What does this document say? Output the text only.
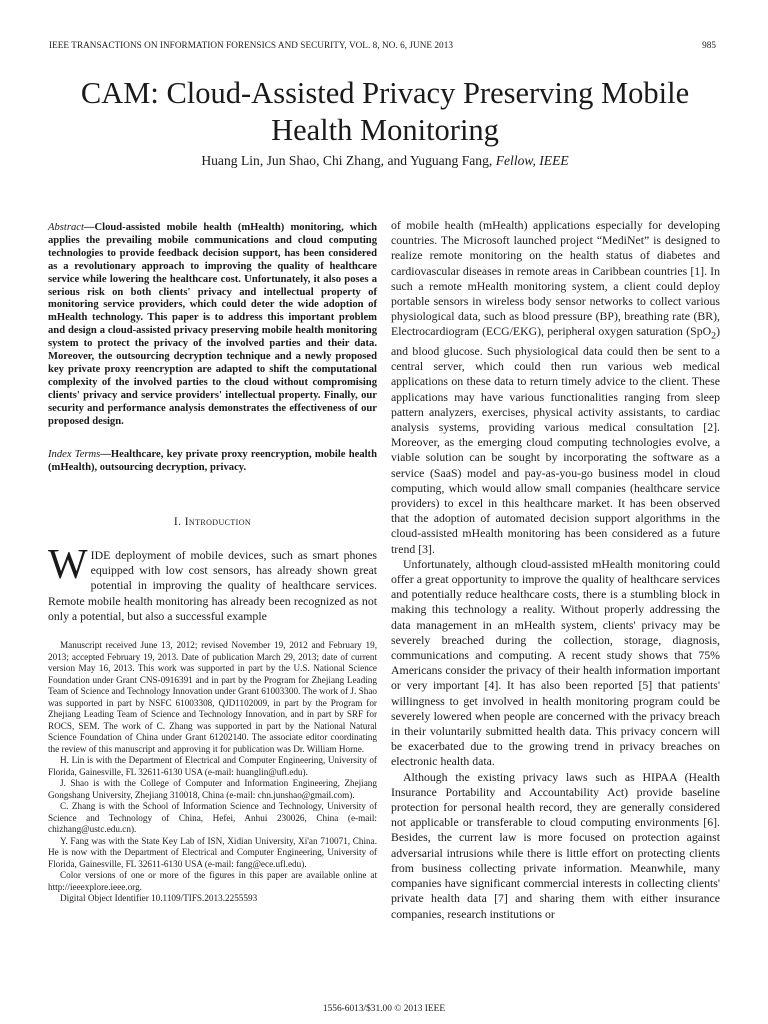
IEEE TRANSACTIONS ON INFORMATION FORENSICS AND SECURITY, VOL. 8, NO. 6, JUNE 2013	985
CAM: Cloud-Assisted Privacy Preserving Mobile
Health Monitoring
Huang Lin, Jun Shao, Chi Zhang, and Yuguang Fang, Fellow, IEEE
Abstract—Cloud-assisted mobile health (mHealth) monitoring, which applies the prevailing mobile communications and cloud computing technologies to provide feedback decision support, has been considered as a revolutionary approach to improving the quality of healthcare service while lowering the healthcare cost. Unfortunately, it also poses a serious risk on both clients' privacy and intellectual property of monitoring service providers, which could deter the wide adoption of mHealth technology. This paper is to address this important problem and design a cloud-assisted privacy preserving mobile health monitoring system to protect the privacy of the involved parties and their data. Moreover, the outsourcing decryption technique and a newly proposed key private proxy reencryption are adapted to shift the computational complexity of the involved parties to the cloud without compromising clients' privacy and service providers' intellectual property. Finally, our security and performance analysis demonstrates the effectiveness of our proposed design.
Index Terms—Healthcare, key private proxy reencryption, mobile health (mHealth), outsourcing decryption, privacy.
I. Introduction
WIDE deployment of mobile devices, such as smart phones equipped with low cost sensors, has already shown great potential in improving the quality of healthcare services. Remote mobile health monitoring has already been recognized as not only a potential, but also a successful example

Manuscript received June 13, 2012; revised November 19, 2012 and February 19, 2013; accepted February 19, 2013. Date of publication March 29, 2013; date of current version May 16, 2013. This work was supported in part by the U.S. National Science Foundation under Grant CNS-0916391 and in part by the Program for Zhejiang Leading Team of Science and Technology Innovation under Grant 61003300. The work of J. Shao was supported in part by NSFC 61003308, QJD1102009, in part by the Program for Zhejiang Leading Team of Science and Technology Innovation, and in part by SRF for ROCS, SEM. The work of C. Zhang was supported in part by the National Natural Science Foundation of China under Grant 61202140. The associate editor coordinating the review of this manuscript and approving it for publication was Dr. William Horne.

H. Lin is with the Department of Electrical and Computer Engineering, University of Florida, Gainesville, FL 32611-6130 USA (e-mail: huanglin@ufl.edu).

J. Shao is with the College of Computer and Information Engineering, Zhejiang Gongshang University, Zhejiang 310018, China (e-mail: chn.junshao@gmail.com).

C. Zhang is with the School of Information Science and Technology, University of Science and Technology of China, Hefei, Anhui 230026, China (e-mail: chizhang@ustc.edu.cn).

Y. Fang was with the State Key Lab of ISN, Xidian University, Xi'an 710071, China. He is now with the Department of Electrical and Computer Engineering, University of Florida, Gainesville, FL 32611-6130 USA (e-mail: fang@ece.ufl.edu).

Color versions of one or more of the figures in this paper are available online at http://ieeexplore.ieee.org.

Digital Object Identifier 10.1109/TIFS.2013.2255593

of mobile health (mHealth) applications especially for developing countries. The Microsoft launched project “MediNet” is designed to realize remote monitoring on the health status of diabetes and cardiovascular diseases in remote areas in Caribbean countries [1]. In such a remote mHealth monitoring system, a client could deploy portable sensors in wireless body sensor networks to collect various physiological data, such as blood pressure (BP), breathing rate (BR), Electrocardiogram (ECG/EKG), peripheral oxygen saturation (SpO$_2$) and blood glucose. Such physiological data could then be sent to a central server, which could then run various web medical applications on these data to return timely advice to the client. These applications may have various functionalities ranging from sleep pattern analyzers, exercises, physical activity assistants, to cardiac analysis systems, providing various medical consultation [2]. Moreover, as the emerging cloud computing technologies evolve, a viable solution can be sought by incorporating the software as a service (SaaS) model and pay-as-you-go business model in cloud computing, which would allow small companies (healthcare service providers) to excel in this healthcare market. It has been observed that the adoption of automated decision support algorithms in the cloud-assisted mHealth monitoring has been considered as a future trend [3].

Unfortunately, although cloud-assisted mHealth monitoring could offer a great opportunity to improve the quality of healthcare services and potentially reduce healthcare costs, there is a stumbling block in making this technology a reality. Without properly addressing the data management in an mHealth system, clients' privacy may be severely breached during the collection, storage, diagnosis, communications and computing. A recent study shows that 75% Americans consider the privacy of their health information important or very important [4]. It has also been reported [5] that patients' willingness to get involved in health monitoring program could be severely lowered when people are concerned with the privacy breach in their voluntarily submitted health data. This privacy concern will be exacerbated due to the growing trend in privacy breaches on electronic health data.

Although the existing privacy laws such as HIPAA (Health Insurance Portability and Accountability Act) provide baseline protection for personal health record, they are generally considered not applicable or transferable to cloud computing environments [6]. Besides, the current law is more focused on protection against adversarial intrusions while there is little effort on protecting clients from business collecting private information. Meanwhile, many companies have significant commercial interests in collecting clients' private health data [7] and sharing them with either insurance companies, research institutions or

1556-6013/$31.00 © 2013 IEEE
